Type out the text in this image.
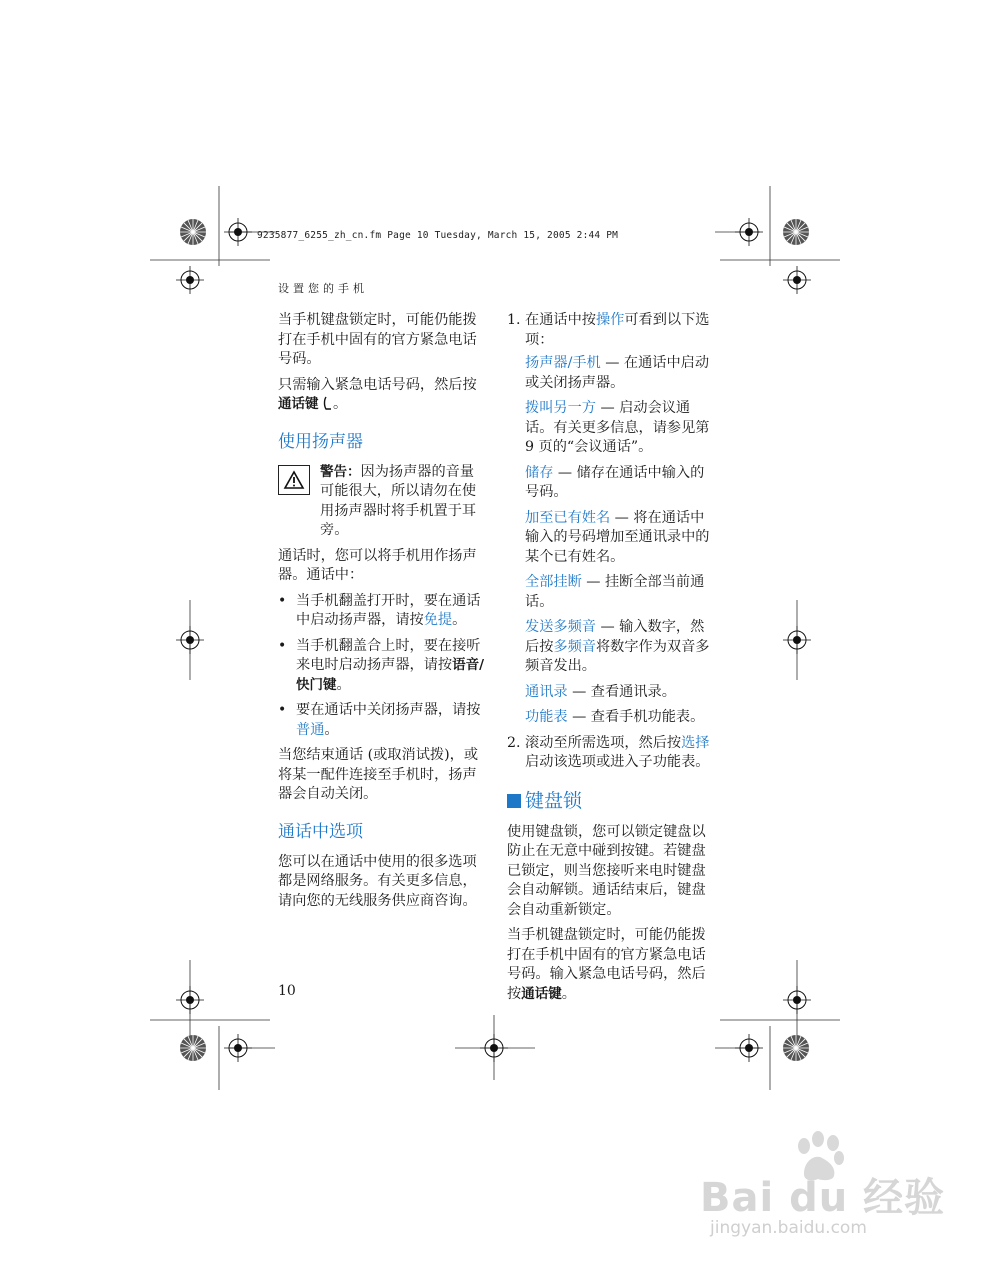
9235877_6255_zh_cn.fm Page 10 Tuesday, March 15, 2005 2:44 PM
设置您的手机

当手机键盘锁定时，可能仍能拨打在手机中固有的官方紧急电话号码。

只需输入紧急电话号码，然后按通话键 。

使用扬声器

警告：因为扬声器的音量可能很大，所以请勿在使用扬声器时将手机置于耳旁。

通话时，您可以将手机用作扬声器。通话中：

• 当手机翻盖打开时，要在通话中启动扬声器，请按免提。
• 当手机翻盖合上时，要在接听来电时启动扬声器，请按语音/快门键。
• 要在通话中关闭扬声器，请按普通。

当您结束通话 (或取消试拨)，或将某一配件连接至手机时，扬声器会自动关闭。

通话中选项

您可以在通话中使用的很多选项都是网络服务。有关更多信息，请向您的无线服务供应商咨询。

1. 在通话中按操作可看到以下选项：

扬声器/手机 — 在通话中启动或关闭扬声器。

拨叫另一方 — 启动会议通话。有关更多信息，请参见第 9 页的“会议通话”。

储存 — 储存在通话中输入的号码。

加至已有姓名 — 将在通话中输入的号码增加至通讯录中的某个已有姓名。

全部挂断 — 挂断全部当前通话。

发送多频音 — 输入数字，然后按多频音将数字作为双音多频音发出。

通讯录 — 查看通讯录。

功能表 — 查看手机功能表。

2. 滚动至所需选项，然后按选择启动该选项或进入子功能表。

键盘锁

使用键盘锁，您可以锁定键盘以防止在无意中碰到按键。若键盘已锁定，则当您接听来电时键盘会自动解锁。通话结束后，键盘会自动重新锁定。

当手机键盘锁定时，可能仍能拨打在手机中固有的官方紧急电话号码。输入紧急电话号码，然后按通话键。

10
Bai du 经验
jingyan.baidu.com
